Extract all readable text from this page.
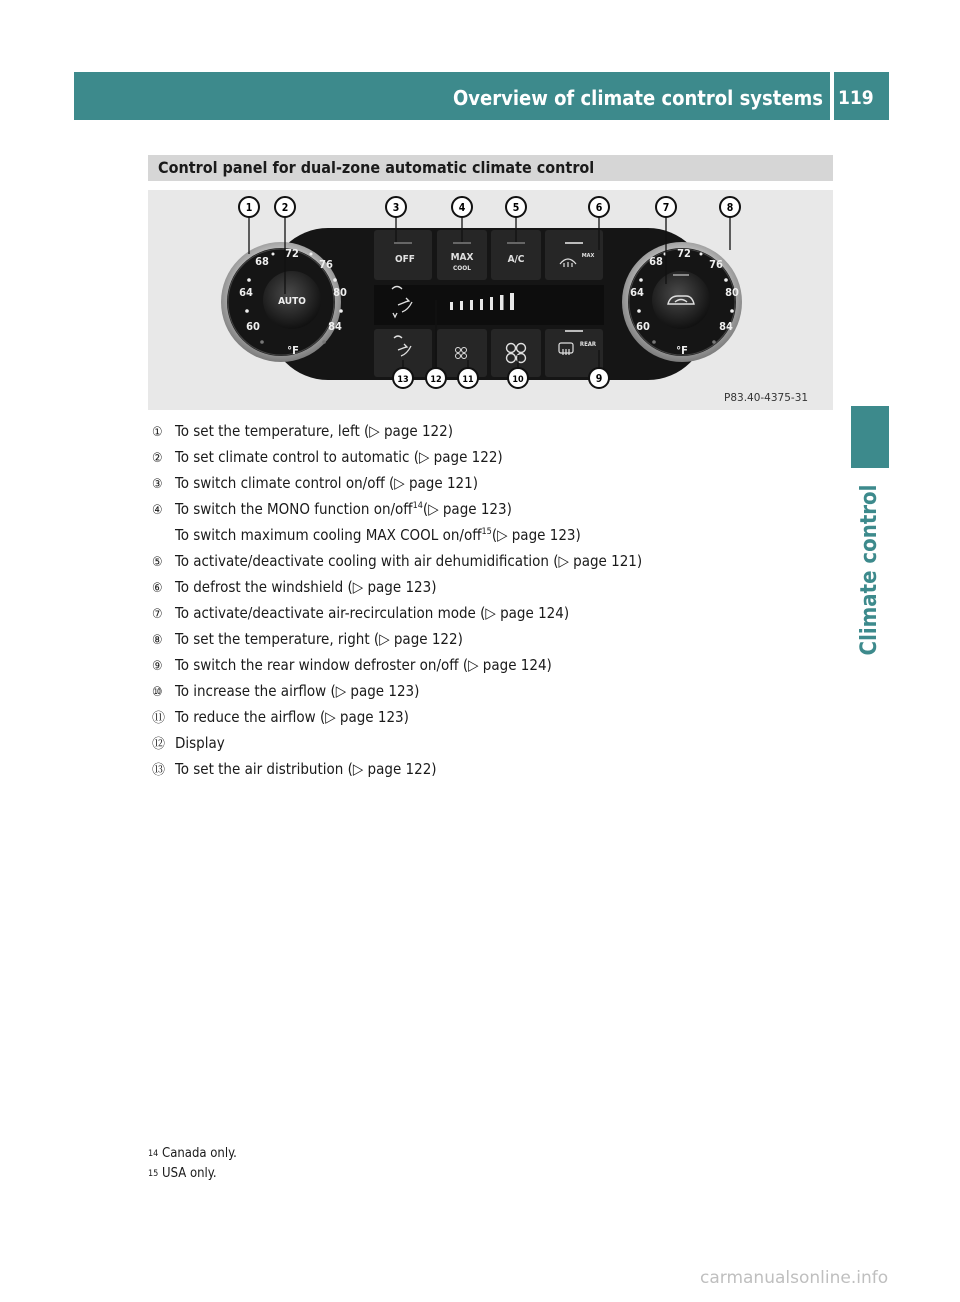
Overview of climate control systems 119
Climate control
Control panel for dual-zone automatic climate control
OFF	MAX
COOL
A/C	MAX
REAR
72
68	76
64	80
60	84
°F
AUTO
72
68	76
64	80
60	84
°F
1	2	3	4	5	6	7	8
9
10
11
12
13
P83.40-4375-31
① To set the temperature, left (▷ page 122)
② To set climate control to automatic (▷ page 122)
③ To switch climate control on/off (▷ page 121)
④ To switch the MONO function on/off$^{14}$(▷ page 123)
To switch maximum cooling MAX COOL on/off$^{15}$(▷ page 123)
⑤ To activate/deactivate cooling with air dehumidification (▷ page 121)
⑥ To defrost the windshield (▷ page 123)
⑦ To activate/deactivate air-recirculation mode (▷ page 124)
⑧ To set the temperature, right (▷ page 122)
⑨ To switch the rear window defroster on/off (▷ page 124)
⑩ To increase the airflow (▷ page 123)
⑪ To reduce the airflow (▷ page 123)
⑫ Display
⑬ To set the air distribution (▷ page 122)
$^{14}$ Canada only.
$^{15}$ USA only.
carmanualsonline.info
